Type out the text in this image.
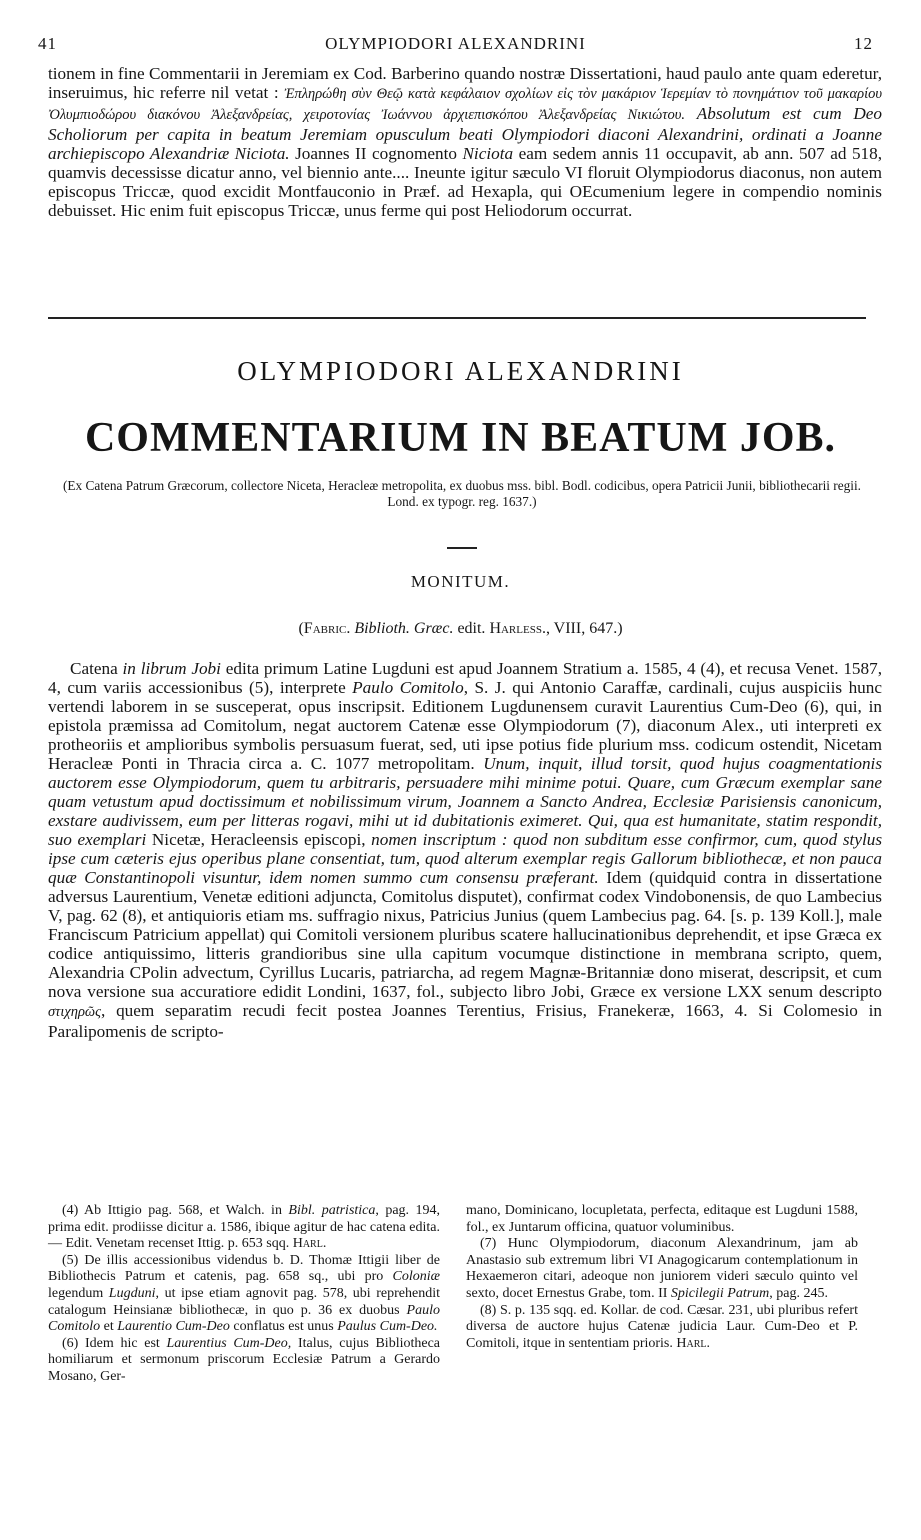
41	OLYMPIODORI ALEXANDRINI	12
tionem in fine Commentarii in Jeremiam ex Cod. Barberino quando nostræ Dissertationi, haud paulo ante quam ederetur, inseruimus, hic referre nil vetat : Ἐπληρώθη σὺν Θεῷ κατὰ κεφάλαιον σχολίων εἰς τὸν μακάριον Ἱερεμίαν τὸ πονημάτιον τοῦ μακαρίου Ὀλυμπιοδώρου διακόνου Ἀλεξανδρείας, χειροτονίας Ἰωάννου ἀρχιεπισκόπου Ἀλεξανδρείας Νικιώτου. Absolutum est cum Deo Scholiorum per capita in beatum Jeremiam opusculum beati Olympiodori diaconi Alexandrini, ordinati a Joanne archiepiscopo Alexandriæ Niciota. Joannes II cognomento Niciota eam sedem annis 11 occupavit, ab ann. 507 ad 518, quamvis decessisse dicatur anno, vel biennio ante.... Ineunte igitur sæculo VI floruit Olympiodorus diaconus, non autem episcopus Triccæ, quod excidit Montfauconio in Præf. ad Hexapla, qui OEcumenium legere in compendio nominis debuisset. Hic enim fuit episcopus Triccæ, unus ferme qui post Heliodorum occurrat.
OLYMPIODORI ALEXANDRINI
COMMENTARIUM IN BEATUM JOB.
(Ex Catena Patrum Græcorum, collectore Niceta, Heracleæ metropolita, ex duobus mss. bibl. Bodl. codicibus, opera Patricii Junii, bibliothecarii regii. Lond. ex typogr. reg. 1637.)
MONITUM.
(Fabric. Biblioth. Græc. edit. Harless., VIII, 647.)

Catena in librum Jobi edita primum Latine Lugduni est apud Joannem Stratium a. 1585, 4 (4), et recusa Venet. 1587, 4, cum variis accessionibus (5), interprete Paulo Comitolo, S. J. qui Antonio Caraffæ, cardinali, cujus auspiciis hunc vertendi laborem in se susceperat, opus inscripsit. Editionem Lugdunensem curavit Laurentius Cum-Deo (6), qui, in epistola præmissa ad Comitolum, negat auctorem Catenæ esse Olympiodorum (7), diaconum Alex., uti interpreti ex protheoriis et amplioribus symbolis persuasum fuerat, sed, uti ipse potius fide plurium mss. codicum ostendit, Nicetam Heracleæ Ponti in Thracia circa a. C. 1077 metropolitam. Unum, inquit, illud torsit, quod hujus coagmentationis auctorem esse Olympiodorum, quem tu arbitraris, persuadere mihi minime potui. Quare, cum Græcum exemplar sane quam vetustum apud doctissimum et nobilissimum virum, Joannem a Sancto Andrea, Ecclesiæ Parisiensis canonicum, exstare audivissem, eum per litteras rogavi, mihi ut id dubitationis eximeret. Qui, qua est humanitate, statim respondit, suo exemplari Nicetæ, Heracleensis episcopi, nomen inscriptum : quod non subditum esse confirmor, cum, quod stylus ipse cum cæteris ejus operibus plane consentiat, tum, quod alterum exemplar regis Gallorum bibliothecæ, et non pauca quæ Constantinopoli visuntur, idem nomen summo cum consensu præferant. Idem (quidquid contra in dissertatione adversus Laurentium, Venetæ editioni adjuncta, Comitolus disputet), confirmat codex Vindobonensis, de quo Lambecius V, pag. 62 (8), et antiquioris etiam ms. suffragio nixus, Patricius Junius (quem Lambecius pag. 64. [s. p. 139 Koll.], male Franciscum Patricium appellat) qui Comitoli versionem pluribus scatere hallucinationibus deprehendit, et ipse Græca ex codice antiquissimo, litteris grandioribus sine ulla capitum vocumque distinctione in membrana scripto, quem, Alexandria CPolin advectum, Cyrillus Lucaris, patriarcha, ad regem Magnæ-Britanniæ dono miserat, descripsit, et cum nova versione sua accuratiore edidit Londini, 1637, fol., subjecto libro Jobi, Græce ex versione LXX senum descripto στιχηρῶς, quem separatim recudi fecit postea Joannes Terentius, Frisius, Franekeræ, 1663, 4. Si Colomesio in Paralipomenis de scripto-

(4) Ab Ittigio pag. 568, et Walch. in Bibl. patristica, pag. 194, prima edit. prodiisse dicitur a. 1586, ibique agitur de hac catena edita. — Edit. Venetam recenset Ittig. p. 653 sqq. Harl.

(5) De illis accessionibus videndus b. D. Thomæ Ittigii liber de Bibliothecis Patrum et catenis, pag. 658 sq., ubi pro Coloniæ legendum Lugduni, ut ipse etiam agnovit pag. 578, ubi reprehendit catalogum Heinsianæ bibliothecæ, in quo p. 36 ex duobus Paulo Comitolo et Laurentio Cum-Deo conflatus est unus Paulus Cum-Deo.

(6) Idem hic est Laurentius Cum-Deo, Italus, cujus Bibliotheca homiliarum et sermonum priscorum Ecclesiæ Patrum a Gerardo Mosano, Ger-

mano, Dominicano, locupletata, perfecta, editaque est Lugduni 1588, fol., ex Juntarum officina, quatuor voluminibus.

(7) Hunc Olympiodorum, diaconum Alexandrinum, jam ab Anastasio sub extremum libri VI Anagogicarum contemplationum in Hexaemeron citari, adeoque non juniorem videri sæculo quinto vel sexto, docet Ernestus Grabe, tom. II Spicilegii Patrum, pag. 245.

(8) S. p. 135 sqq. ed. Kollar. de cod. Cæsar. 231, ubi pluribus refert diversa de auctore hujus Catenæ judicia Laur. Cum-Deo et P. Comitoli, itque in sententiam prioris. Harl.
